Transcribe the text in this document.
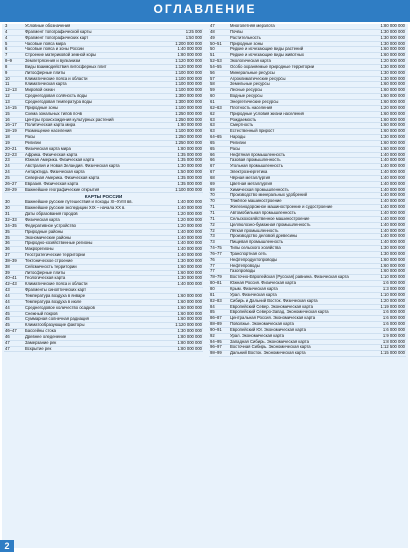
ОГЛАВЛЕНИЕ
3	Условные обозначения
4	Фрагмент топографической карты	1:25 000
4	Фрагмент топографических карт	1:50 000
5	Часовые пояса мира	1:200 000 000
6	Часовые пояса и зоны России	1:40 000 000
7	Строение материковой земной коры	1:80 000 000
8–9	Землетрясения и вулканизм	1:120 000 000
8	Виды взаимодействия литосферных плит	1:120 000 000
9	Литосферные плиты	1:100 000 000
10	Климатические пояса и области	1:100 000 000
11	Климатическая карта	1:100 000 000
12–13	Мировой океан	1:100 000 000
12	Среднегодовая солёность воды	1:300 000 000
13	Среднегодовая температура воды	1:300 000 000
14–15	Природные зоны	1:100 000 000
15	Схема зональных типов почв	1:250 000 000
16	Центры происхождения культурных растений	1:250 000 000
16–17	Политическая карта мира	1:80 000 000
18–19	Размещение населения	1:100 000 000
18	Расы	1:250 000 000
19	Религии	1:250 000 000
20–21	Физическая карта мира	1:80 000 000
22–23	Африка. Физическая карта	1:35 000 000
23	Южная Америка. Физическая карта	1:35 000 000
24	Австралия и Новая Зеландия. Физическая карта	1:30 000 000
24	Антарктида. Физическая карта	1:50 000 000
25	Северная Америка. Физическая карта	1:35 000 000
26–27	Евразия. Физическая карта	1:35 000 000
28–29	Важнейшие географические открытия	1:100 000 000
КАРТЫ РОССИИ
30	Важнейшие русские путешествия и походы XI–XVIII вв.	1:40 000 000
30	Важнейшие русские экспедиции XIX – начала XX в.	1:40 000 000
31	Даты образования городов	1:20 000 000
32–33	Физическая карта	1:20 000 000
34–35	Федеративное устройство	1:20 000 000
35	Природные районы	1:40 000 000
35	Экономические районы	1:40 000 000
36	Природно-хозяйственные регионы	1:40 000 000
36	Макрорегионы	1:40 000 000
37	Геостратегические территории	1:40 000 000
38–39	Тектоническое строение	1:30 000 000
38	Сейсмичность территории	1:60 000 000
39	Литосферные плиты	1:60 000 000
40–41	Геологическая карта	1:30 000 000
42–43	Климатические пояса и области	1:40 000 000
43	Фрагменты синоптических карт
44	Температура воздуха в январе	1:60 000 000
44	Температура воздуха в июле	1:60 000 000
44	Среднегодовое количество осадков	1:60 000 000
45	Снежный покров	1:60 000 000
45	Суммарная солнечная радиация	1:60 000 000
45	Климатообразующие факторы	1:120 000 000
46–47	Бассейны стока	1:30 000 000
46	Древнее оледенение	1:80 000 000
47	Замерзание рек	1:80 000 000
47	Вскрытие рек	1:80 000 000
47	Многолетняя мерзлота	1:80 000 000
48	Почвы	1:30 000 000
49	Растительность	1:30 000 000
50–51	Природные зоны	1:30 000 000
50	Редкие и исчезающие виды растений	1:60 000 000
51	Редкие и исчезающие виды животных	1:60 000 000
52–53	Экологическая карта	1:20 000 000
54–55	Особо охраняемые природные территории	1:30 000 000
56	Минеральные ресурсы	1:30 000 000
57	Агроклиматические ресурсы	1:30 000 000
58	Земельные ресурсы	1:60 000 000
59	Лесные ресурсы	1:60 000 000
60	Водные ресурсы	1:60 000 000
61	Энергетические ресурсы	1:60 000 000
62–63	Плотность населения	1:20 000 000
62	Природные условия жизни населения	1:60 000 000
63	Рождаемость	1:60 000 000
63	Смертность	1:60 000 000
63	Естественный прирост	1:60 000 000
64–65	Народы	1:30 000 000
65	Религии	1:60 000 000
65	Расы	1:60 000 000
66	Нефтяная промышленность	1:40 000 000
66	Газовая промышленность	1:40 000 000
67	Угольная промышленность	1:40 000 000
67	Электроэнергетика	1:40 000 000
68	Чёрная металлургия	1:40 000 000
69	Цветная металлургия	1:40 000 000
69	Химическая промышленность	1:40 000 000
70	Производство минеральных удобрений	1:40 000 000
70	Тяжёлое машиностроение	1:40 000 000
71	Железнодорожное машиностроение и судостроение	1:40 000 000
71	Автомобильная промышленность	1:40 000 000
71	Сельскохозяйственное машиностроение	1:40 000 000
72	Целлюлозно-бумажная промышленность	1:40 000 000
72	Лёгкая промышленность	1:40 000 000
73	Производство деловой древесины	1:40 000 000
73	Пищевая промышленность	1:40 000 000
74–75	Типы сельского хозяйства	1:30 000 000
76–77	Транспортная сеть	1:30 000 000
76	Нефтепродуктопроводы	1:60 000 000
77	Нефтепроводы	1:60 000 000
77	Газопроводы	1:60 000 000
78–79	Восточно-Европейская (Русская) равнина. Физическая карта	1:10 000 000
80–81	Южная Россия. Физическая карта	1:6 000 000
80	Крым. Физическая карта	1:3 000 000
81	Урал. Физическая карта	1:10 000 000
82–83	Сибирь и Дальний Восток. Физическая карта	1:20 000 000
84	Европейский Север. Экономическая карта	1:19 000 000
85	Европейский Северо-Запад. Экономическая карта	1:6 000 000
86–87	Центральная Россия. Экономическая карта	1:6 000 000
88–89	Поволжье. Экономическая карта	1:6 000 000
90–91	Европейский Юг. Экономическая карта	1:6 000 000
92	Урал. Экономическая карта	1:9 000 000
94–95	Западная Сибирь. Экономическая карта	1:8 000 000
96–97	Восточная Сибирь. Экономическая карта	1:12 500 000
98–99	Дальний Восток. Экономическая карта	1:15 000 000
2
